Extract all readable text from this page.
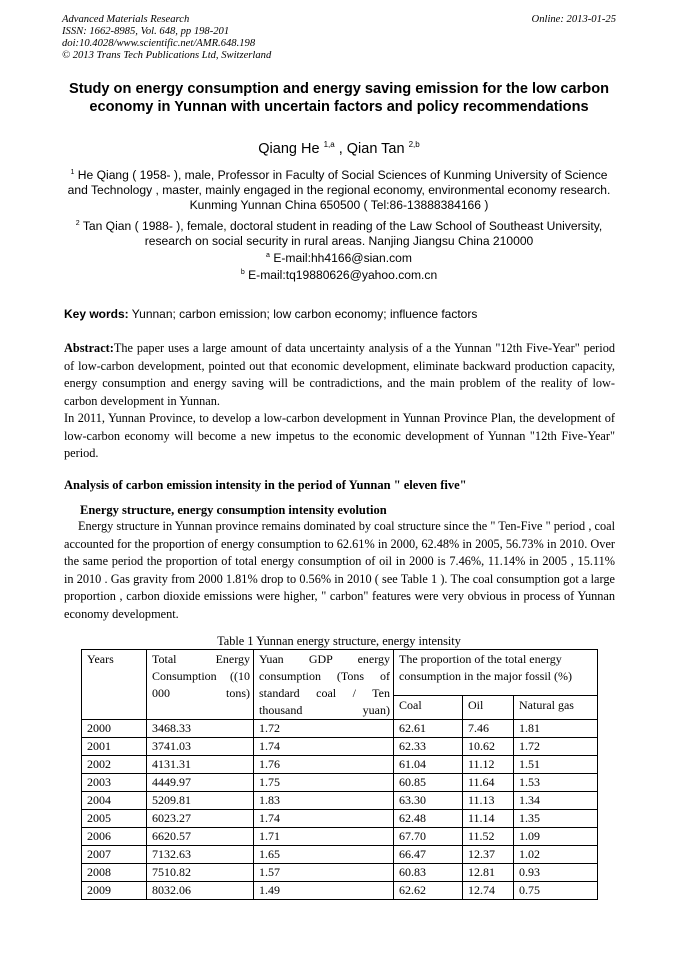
Advanced Materials Research
ISSN: 1662-8985, Vol. 648, pp 198-201
doi:10.4028/www.scientific.net/AMR.648.198
© 2013 Trans Tech Publications Ltd, Switzerland
Online: 2013-01-25
Study on energy consumption and energy saving emission for the low carbon economy in Yunnan with uncertain factors and policy recommendations
Qiang He $^{1,a}$ , Qian Tan $^{2,b}$
$^1$ He Qiang ( 1958- ), male, Professor in Faculty of Social Sciences of Kunming University of Science and Technology , master, mainly engaged in the regional economy, environmental economy research. Kunming Yunnan China 650500 ( Tel:86-13888384166 )
$^2$ Tan Qian ( 1988- ), female, doctoral student in reading of the Law School of Southeast University, research on social security in rural areas. Nanjing Jiangsu China 210000
$^a$ E-mail:hh4166@sian.com
$^b$ E-mail:tq19880626@yahoo.com.cn
Key words: Yunnan; carbon emission; low carbon economy; influence factors
Abstract:The paper uses a large amount of data uncertainty analysis of a the Yunnan "12th Five-Year" period of low-carbon development, pointed out that economic development, eliminate backward production capacity, energy consumption and energy saving will be contradictions, and the main problem of the reality of low-carbon development in Yunnan.
In 2011, Yunnan Province, to develop a low-carbon development in Yunnan Province Plan, the development of low-carbon economy will become a new impetus to the economic development of Yunnan "12th Five-Year" period.
Analysis of carbon emission intensity in the period of Yunnan " eleven five"
Energy structure, energy consumption intensity evolution
Energy structure in Yunnan province remains dominated by coal structure since the " Ten-Five " period , coal accounted for the proportion of energy consumption to 62.61% in 2000, 62.48% in 2005, 56.73% in 2010. Over the same period the proportion of total energy consumption of oil in 2000 is 7.46%, 11.14% in 2005 , 15.11% in 2010 . Gas gravity from 2000 1.81% drop to 0.56% in 2010 ( see Table 1 ). The coal consumption got a large proportion , carbon dioxide emissions were higher, " carbon" features were very obvious in process of Yunnan economy development.
Table 1 Yunnan energy structure, energy intensity
Years	Total Energy Consumption ((10 000 tons)	Yuan GDP energy consumption (Tons of standard coal / Ten thousand yuan)	The proportion of the total energy consumption in the major fossil (%)		
			Coal	Oil	Natural gas
2000	3468.33	1.72	62.61	7.46	1.81
2001	3741.03	1.74	62.33	10.62	1.72
2002	4131.31	1.76	61.04	11.12	1.51
2003	4449.97	1.75	60.85	11.64	1.53
2004	5209.81	1.83	63.30	11.13	1.34
2005	6023.27	1.74	62.48	11.14	1.35
2006	6620.57	1.71	67.70	11.52	1.09
2007	7132.63	1.65	66.47	12.37	1.02
2008	7510.82	1.57	60.83	12.81	0.93
2009	8032.06	1.49	62.62	12.74	0.75
